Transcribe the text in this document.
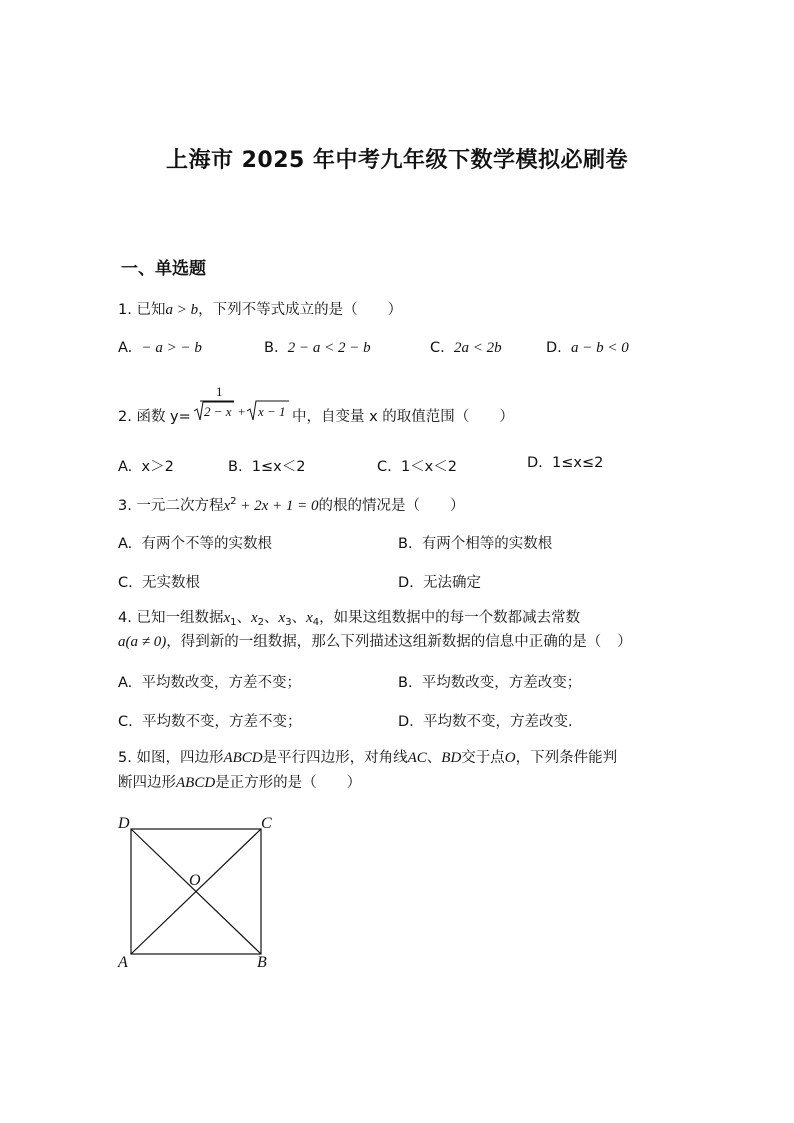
上海市 2025 年中考九年级下数学模拟必刷卷
一、单选题
1. 已知a > b，下列不等式成立的是（ ）
A. − a > − b	B. 2 − a < 2 − b	C. 2a < 2b	D. a − b < 0
2. 函数 y=
1
2 − x + x − 1 中，自变量 x 的取值范围（ ）
A. x＞2	B. 1≤x＜2	C. 1＜x＜2	D. 1≤x≤2
3. 一元二次方程$x^2 + 2x + 1 = 0$的根的情况是（ ）
A. 有两个不等的实数根	B. 有两个相等的实数根
C. 无实数根	D. 无法确定
4. 已知一组数据$x_1$、$x_2$、$x_3$、$x_4$，如果这组数据中的每一个数都减去常数
a(a ≠ 0)，得到新的一组数据，那么下列描述这组新数据的信息中正确的是（ ）
A. 平均数改变，方差不变；	B. 平均数改变，方差改变；
C. 平均数不变，方差不变；	D. 平均数不变，方差改变.
5. 如图，四边形ABCD是平行四边形，对角线AC、BD交于点O，下列条件能判
断四边形ABCD是正方形的是（ ）
D	C
A	B
O
